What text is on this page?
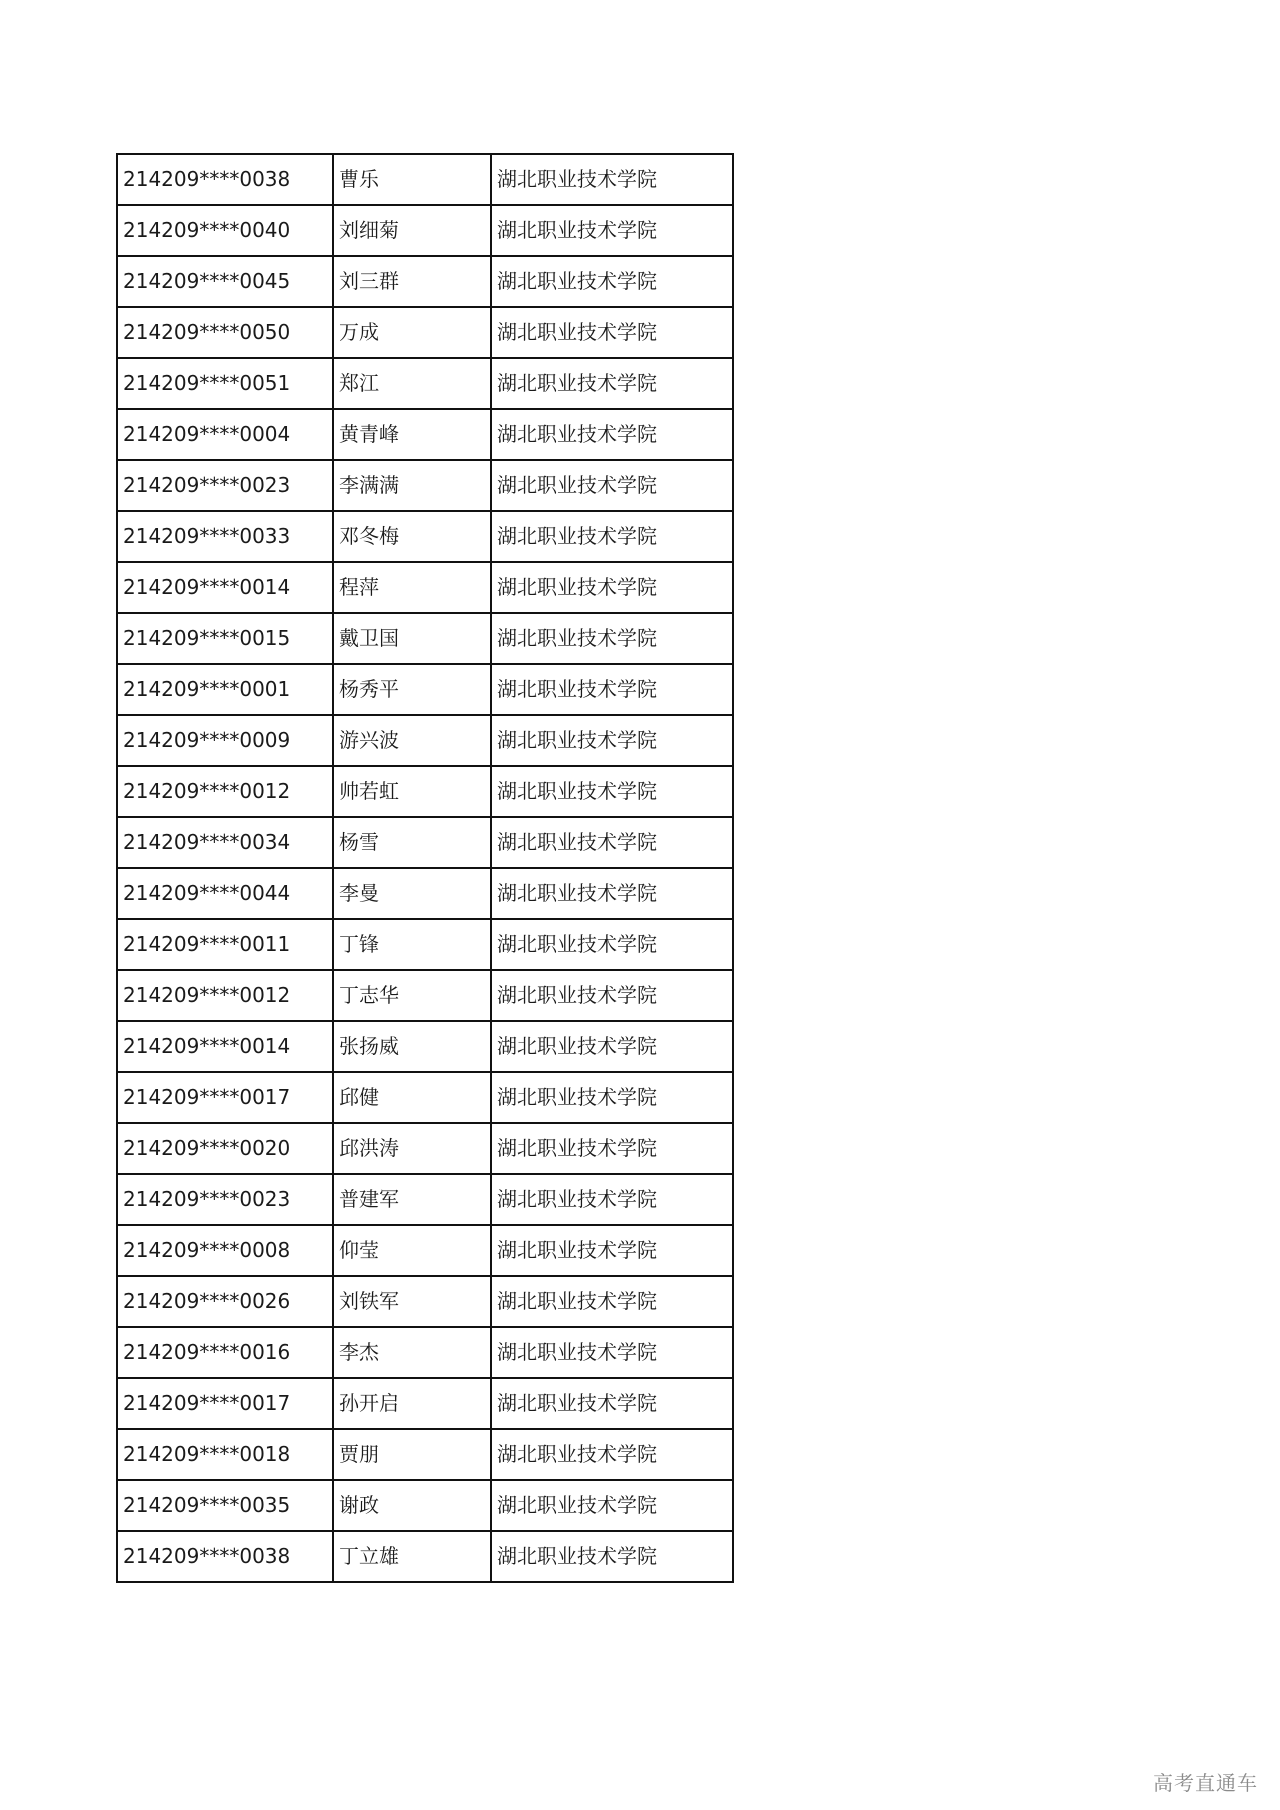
214209****0038	曹乐	湖北职业技术学院
214209****0040	刘细菊	湖北职业技术学院
214209****0045	刘三群	湖北职业技术学院
214209****0050	万成	湖北职业技术学院
214209****0051	郑江	湖北职业技术学院
214209****0004	黄青峰	湖北职业技术学院
214209****0023	李满满	湖北职业技术学院
214209****0033	邓冬梅	湖北职业技术学院
214209****0014	程萍	湖北职业技术学院
214209****0015	戴卫国	湖北职业技术学院
214209****0001	杨秀平	湖北职业技术学院
214209****0009	游兴波	湖北职业技术学院
214209****0012	帅若虹	湖北职业技术学院
214209****0034	杨雪	湖北职业技术学院
214209****0044	李曼	湖北职业技术学院
214209****0011	丁锋	湖北职业技术学院
214209****0012	丁志华	湖北职业技术学院
214209****0014	张扬威	湖北职业技术学院
214209****0017	邱健	湖北职业技术学院
214209****0020	邱洪涛	湖北职业技术学院
214209****0023	普建军	湖北职业技术学院
214209****0008	仰莹	湖北职业技术学院
214209****0026	刘铁军	湖北职业技术学院
214209****0016	李杰	湖北职业技术学院
214209****0017	孙开启	湖北职业技术学院
214209****0018	贾朋	湖北职业技术学院
214209****0035	谢政	湖北职业技术学院
214209****0038	丁立雄	湖北职业技术学院
高考直通车
